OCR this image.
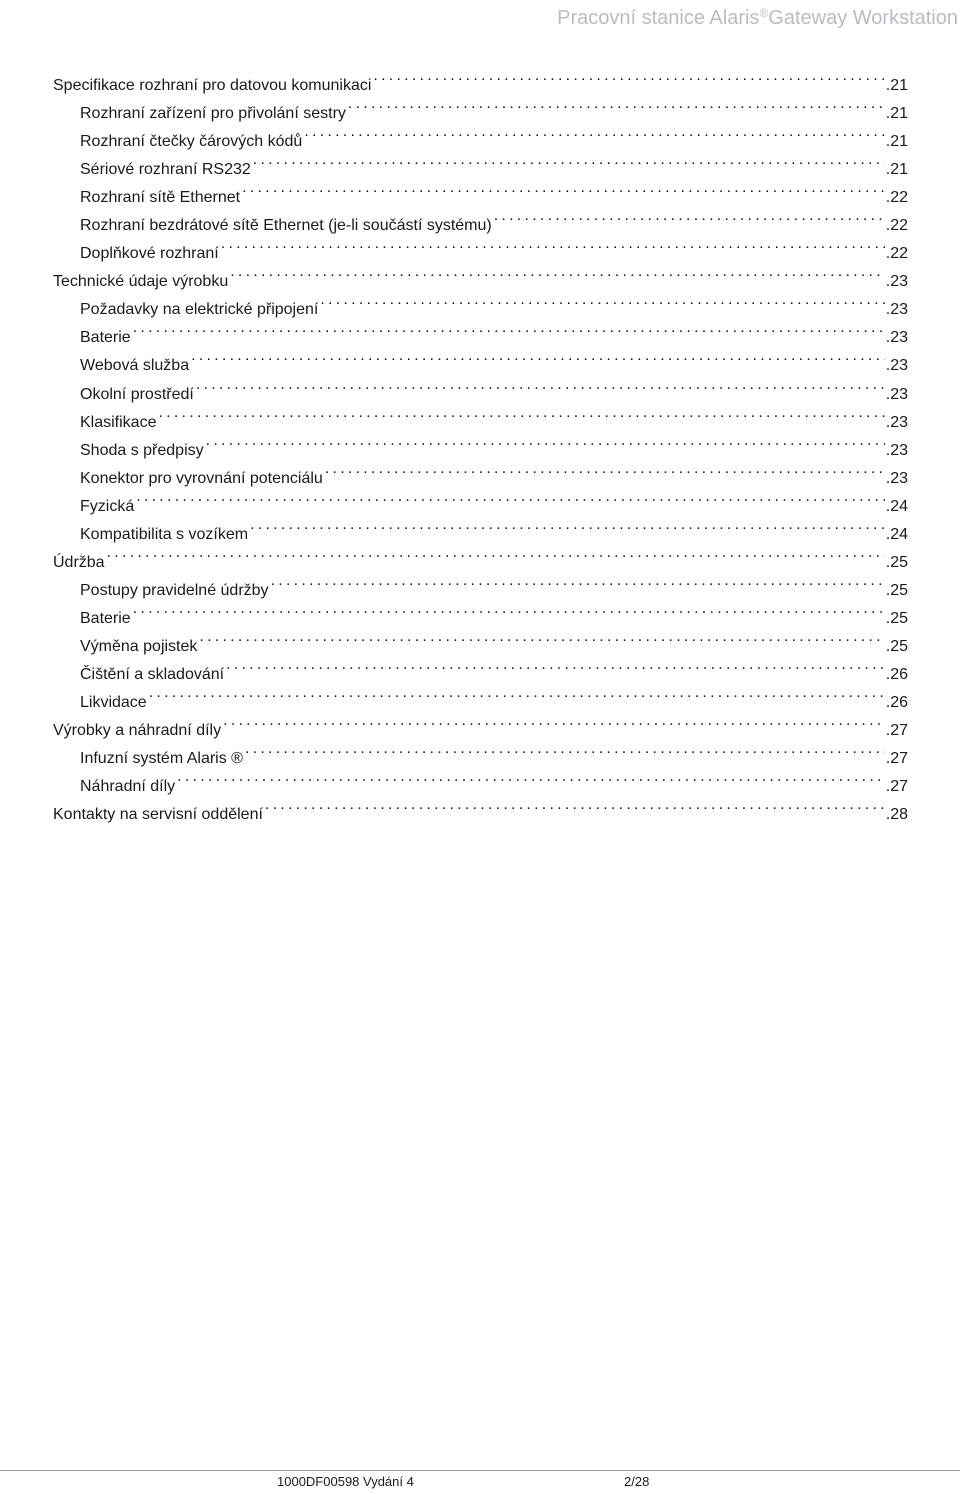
Pracovní stanice Alaris®Gateway Workstation
Specifikace rozhraní pro datovou komunikaci . . .	.21
Rozhraní zařízení pro přivolání sestry . . .	.21
Rozhraní čtečky čárových kódů . . .	.21
Sériové rozhraní RS232 . . .	.21
Rozhraní sítě Ethernet . . .	.22
Rozhraní bezdrátové sítě Ethernet (je-li součástí systému) . . .	.22
Doplňkové rozhraní . . .	.22
Technické údaje výrobku . . .	.23
Požadavky na elektrické připojení . . .	.23
Baterie . . .	.23
Webová služba . . .	.23
Okolní prostředí . . .	.23
Klasifikace . . .	.23
Shoda s předpisy . . .	.23
Konektor pro vyrovnání potenciálu . . .	.23
Fyzická . . .	.24
Kompatibilita s vozíkem . . .	.24
Údržba . . .	.25
Postupy pravidelné údržby . . .	.25
Baterie . . .	.25
Výměna pojistek . . .	.25
Čištění a skladování . . .	.26
Likvidace . . .	.26
Výrobky a náhradní díly . . .	.27
Infuzní systém Alaris ® . . .	.27
Náhradní díly . . .	.27
Kontakty na servisní oddělení . . .	.28
1000DF00598 Vydání 4	2/28
